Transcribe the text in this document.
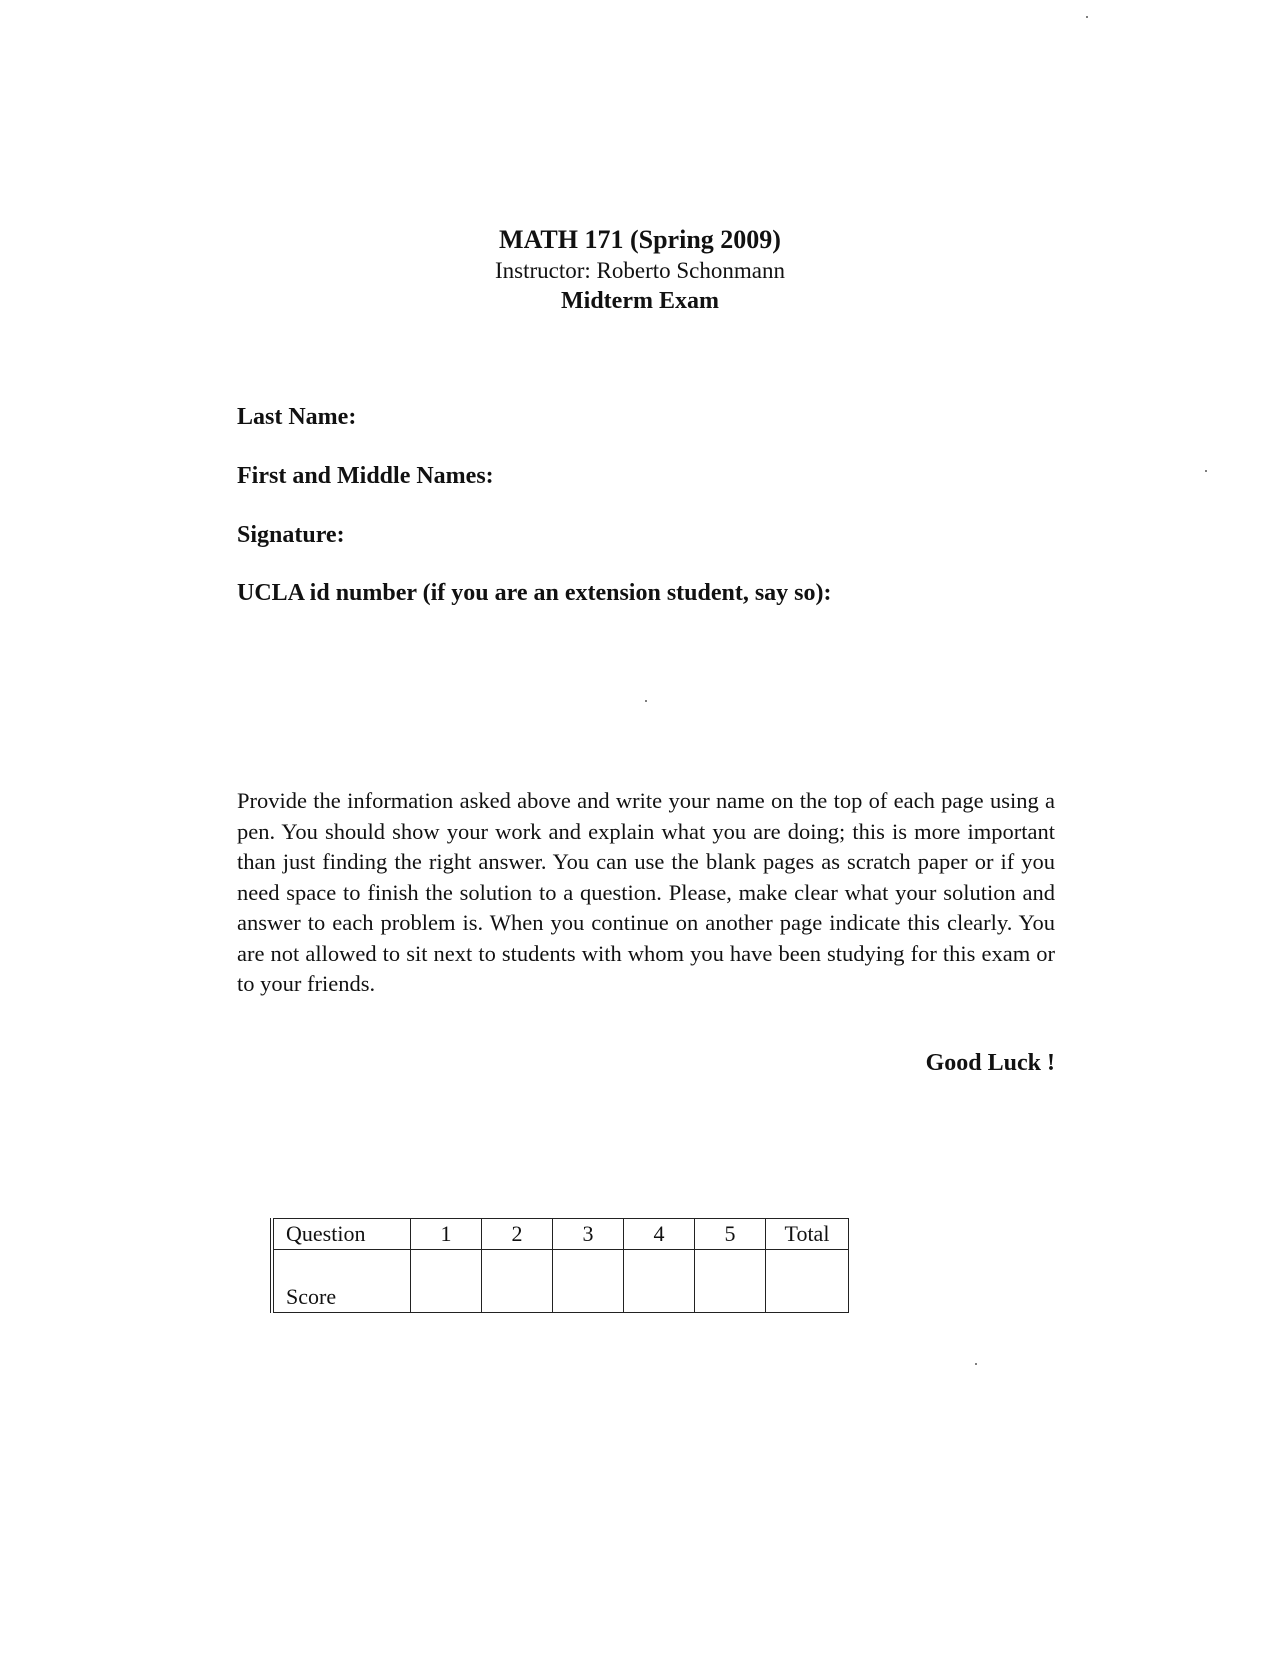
MATH 171 (Spring 2009)
Instructor: Roberto Schonmann
Midterm Exam
Last Name:
First and Middle Names:
Signature:
UCLA id number (if you are an extension student, say so):
Provide the information asked above and write your name on the top of each page using a pen. You should show your work and explain what you are doing; this is more important than just finding the right answer. You can use the blank pages as scratch paper or if you need space to finish the solution to a question. Please, make clear what your solution and answer to each problem is. When you continue on another page indicate this clearly. You are not allowed to sit next to students with whom you have been studying for this exam or to your friends.
Good Luck !
Question	1	2	3	4	5	Total
Score						
